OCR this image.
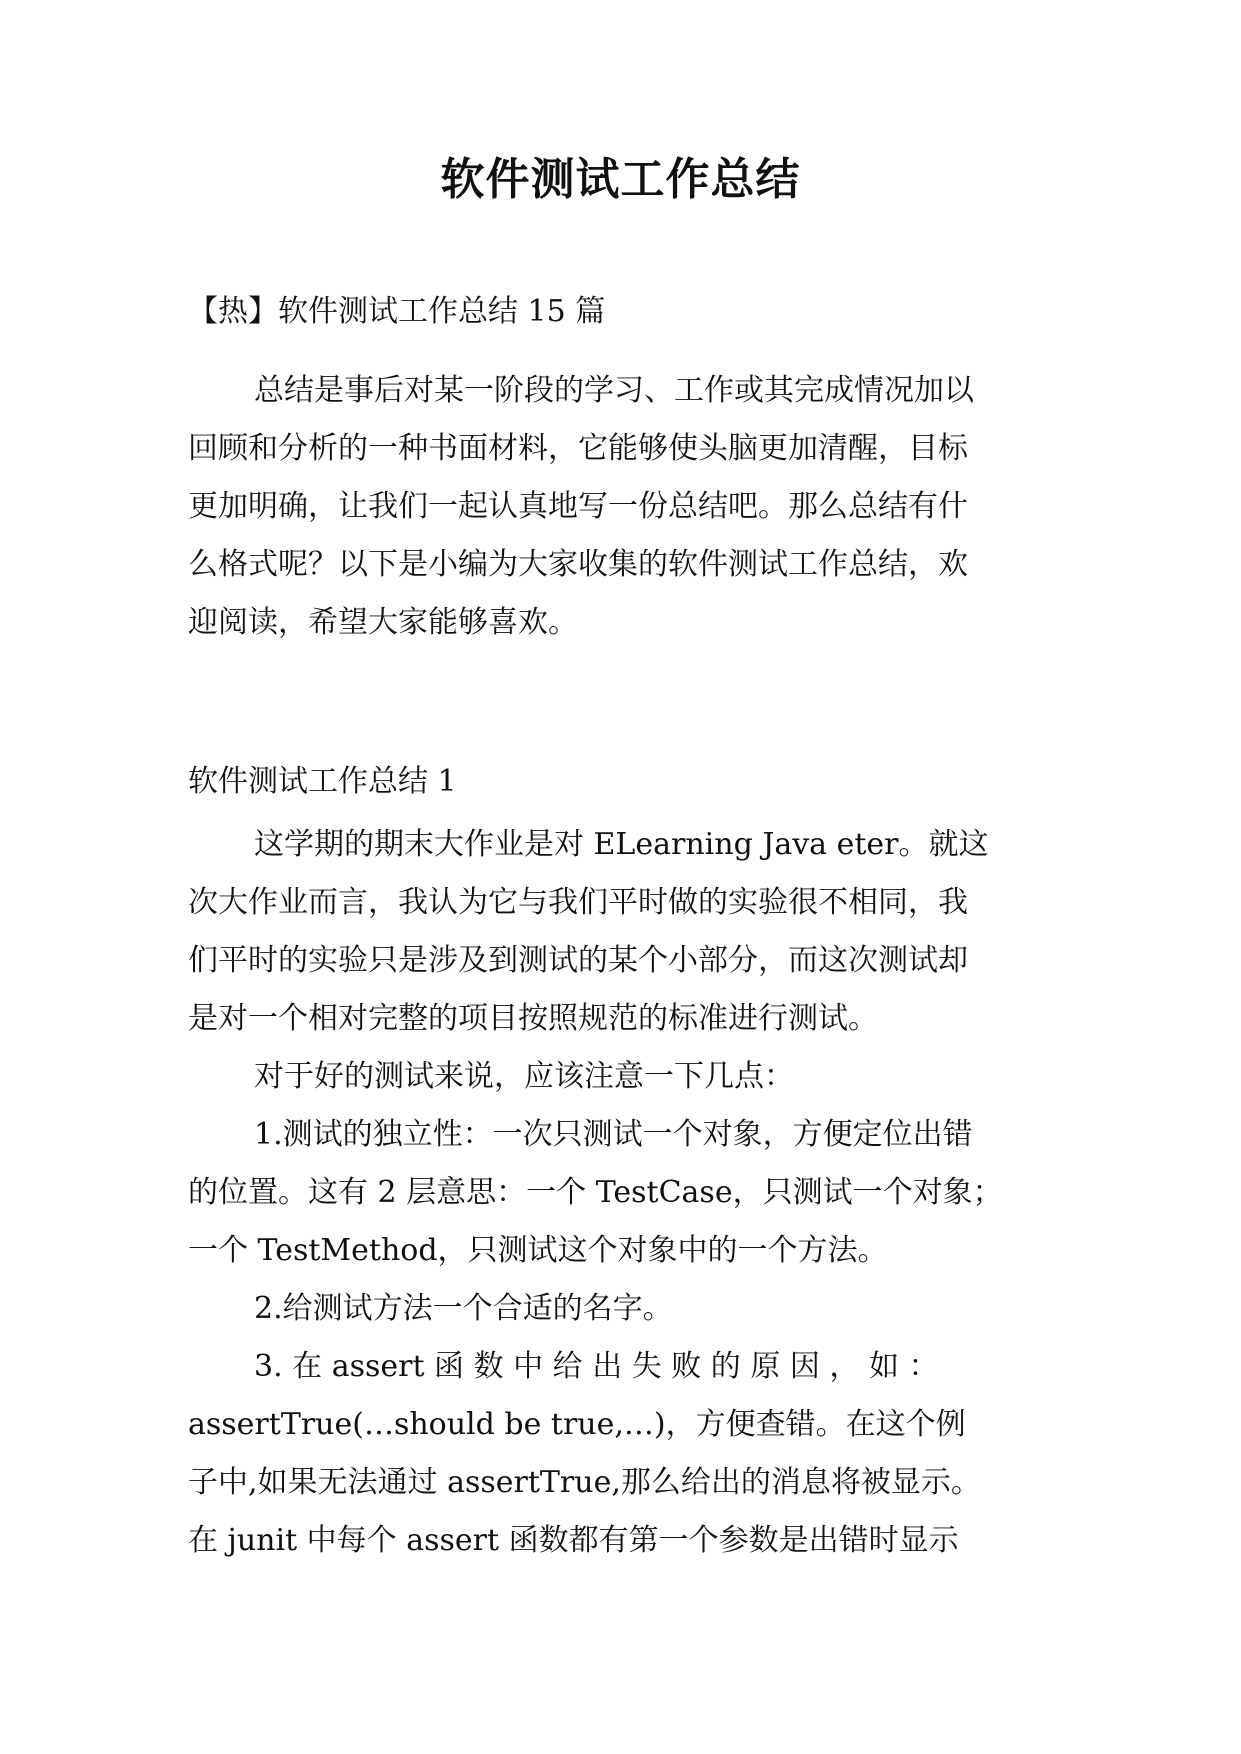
软件测试工作总结
【热】软件测试工作总结 15 篇
总结是事后对某一阶段的学习、工作或其完成情况加以
回顾和分析的一种书面材料，它能够使头脑更加清醒，目标
更加明确，让我们一起认真地写一份总结吧。那么总结有什
么格式呢？以下是小编为大家收集的软件测试工作总结，欢
迎阅读，希望大家能够喜欢。
软件测试工作总结 1
这学期的期末大作业是对 ELearning Java eter。就这
次大作业而言，我认为它与我们平时做的实验很不相同，我
们平时的实验只是涉及到测试的某个小部分，而这次测试却
是对一个相对完整的项目按照规范的标准进行测试。
对于好的测试来说，应该注意一下几点：
1.测试的独立性：一次只测试一个对象，方便定位出错
的位置。这有 2 层意思：一个 TestCase，只测试一个对象；
一个 TestMethod，只测试这个对象中的一个方法。
2.给测试方法一个合适的名字。
3. 在 assert 函 数 中 给 出 失 败 的 原 因 ， 如 ：
assertTrue(…should be true,…)，方便查错。在这个例
子中,如果无法通过 assertTrue,那么给出的消息将被显示。
在 junit 中每个 assert 函数都有第一个参数是出错时显示
